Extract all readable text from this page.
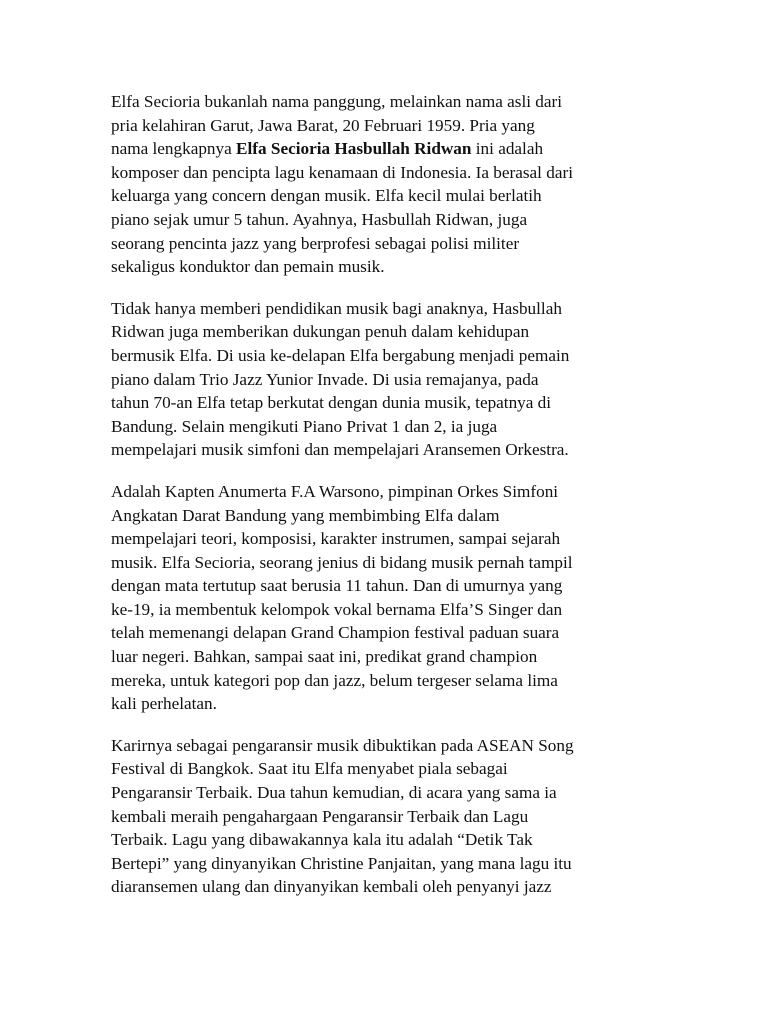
Elfa Secioria bukanlah nama panggung, melainkan nama asli dari
pria kelahiran Garut, Jawa Barat, 20 Februari 1959. Pria yang
nama lengkapnya Elfa Secioria Hasbullah Ridwan ini adalah
komposer dan pencipta lagu kenamaan di Indonesia. Ia berasal dari
keluarga yang concern dengan musik. Elfa kecil mulai berlatih
piano sejak umur 5 tahun. Ayahnya, Hasbullah Ridwan, juga
seorang pencinta jazz yang berprofesi sebagai polisi militer
sekaligus konduktor dan pemain musik.

Tidak hanya memberi pendidikan musik bagi anaknya, Hasbullah
Ridwan juga memberikan dukungan penuh dalam kehidupan
bermusik Elfa. Di usia ke-delapan Elfa bergabung menjadi pemain
piano dalam Trio Jazz Yunior Invade. Di usia remajanya, pada
tahun 70-an Elfa tetap berkutat dengan dunia musik, tepatnya di
Bandung. Selain mengikuti Piano Privat 1 dan 2, ia juga
mempelajari musik simfoni dan mempelajari Aransemen Orkestra.

Adalah Kapten Anumerta F.A Warsono, pimpinan Orkes Simfoni
Angkatan Darat Bandung yang membimbing Elfa dalam
mempelajari teori, komposisi, karakter instrumen, sampai sejarah
musik. Elfa Secioria, seorang jenius di bidang musik pernah tampil
dengan mata tertutup saat berusia 11 tahun. Dan di umurnya yang
ke-19, ia membentuk kelompok vokal bernama Elfa’S Singer dan
telah memenangi delapan Grand Champion festival paduan suara
luar negeri. Bahkan, sampai saat ini, predikat grand champion
mereka, untuk kategori pop dan jazz, belum tergeser selama lima
kali perhelatan.

Karirnya sebagai pengaransir musik dibuktikan pada ASEAN Song
Festival di Bangkok. Saat itu Elfa menyabet piala sebagai
Pengaransir Terbaik. Dua tahun kemudian, di acara yang sama ia
kembali meraih pengahargaan Pengaransir Terbaik dan Lagu
Terbaik. Lagu yang dibawakannya kala itu adalah “Detik Tak
Bertepi” yang dinyanyikan Christine Panjaitan, yang mana lagu itu
diaransemen ulang dan dinyanyikan kembali oleh penyanyi jazz
